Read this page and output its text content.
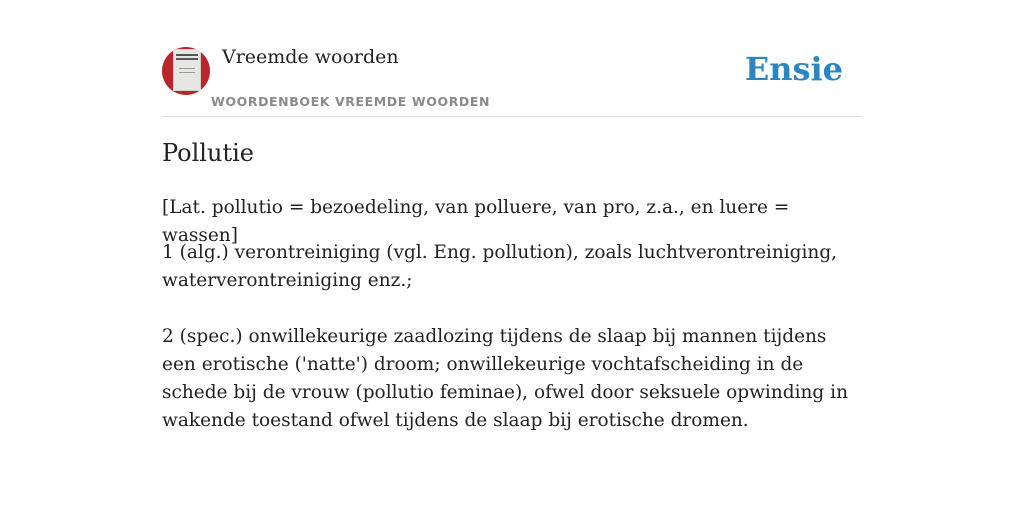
Vreemde woorden
WOORDENBOEK VREEMDE WOORDEN
Ensie
Pollutie

[Lat. pollutio = bezoedeling, van polluere, van pro, z.a., en luere = wassen]

1 (alg.) verontreiniging (vgl. Eng. pollution), zoals luchtverontreiniging, waterverontreiniging enz.;

2 (spec.) onwillekeurige zaadlozing tijdens de slaap bij mannen tijdens een erotische ('natte') droom; onwillekeurige vochtafscheiding in de schede bij de vrouw (pollutio feminae), ofwel door seksuele opwinding in wakende toestand ofwel tijdens de slaap bij erotische dromen.
